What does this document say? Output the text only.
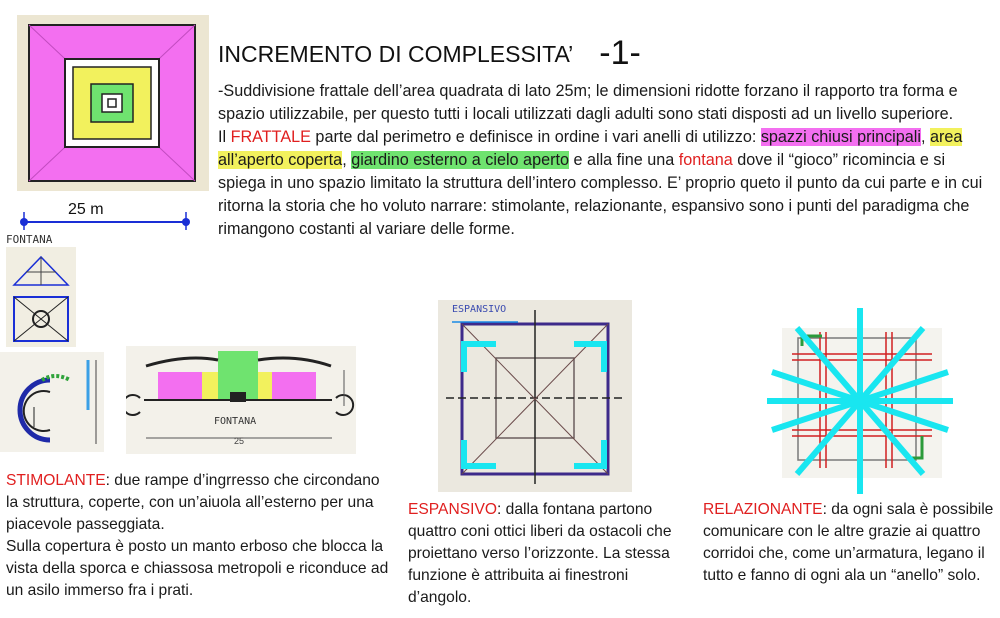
25 m
FONTANA
FONTANA
25
ESPANSIVO
INCREMENTO DI COMPLESSITA’ -1-
-Suddivisione frattale dell’area quadrata di lato 25m; le dimensioni ridotte forzano il rapporto tra forma e spazio utilizzabile, per questo tutti i locali utilizzati dagli adulti sono stati disposti ad un livello superiore.
Il FRATTALE parte dal perimetro e definisce in ordine i vari anelli di utilizzo: spazzi chiusi principali, area all’aperto coperta, giardino esterno a cielo aperto e alla fine una fontana dove il “gioco” ricomincia e si spiega in uno spazio limitato la struttura dell’intero complesso. E’ proprio queto il punto da cui parte e in cui ritorna la storia che ho voluto narrare: stimolante, relazionante, espansivo sono i punti del paradigma che rimangono costanti al variare delle forme.
STIMOLANTE: due rampe d’ingrresso che circondano la struttura, coperte, con un’aiuola all’esterno per una piacevole passeggiata.
Sulla copertura è posto un manto erboso che blocca la vista della sporca e chiassosa metropoli e riconduce ad un asilo immerso fra i prati.
ESPANSIVO: dalla fontana partono quattro coni ottici liberi da ostacoli che proiettano verso l’orizzonte. La stessa funzione è attribuita ai finestroni d’angolo.
RELAZIONANTE: da ogni sala è possibile comunicare con le altre grazie ai quattro corridoi che, come un’armatura, legano il tutto e fanno di ogni ala un “anello” solo.
